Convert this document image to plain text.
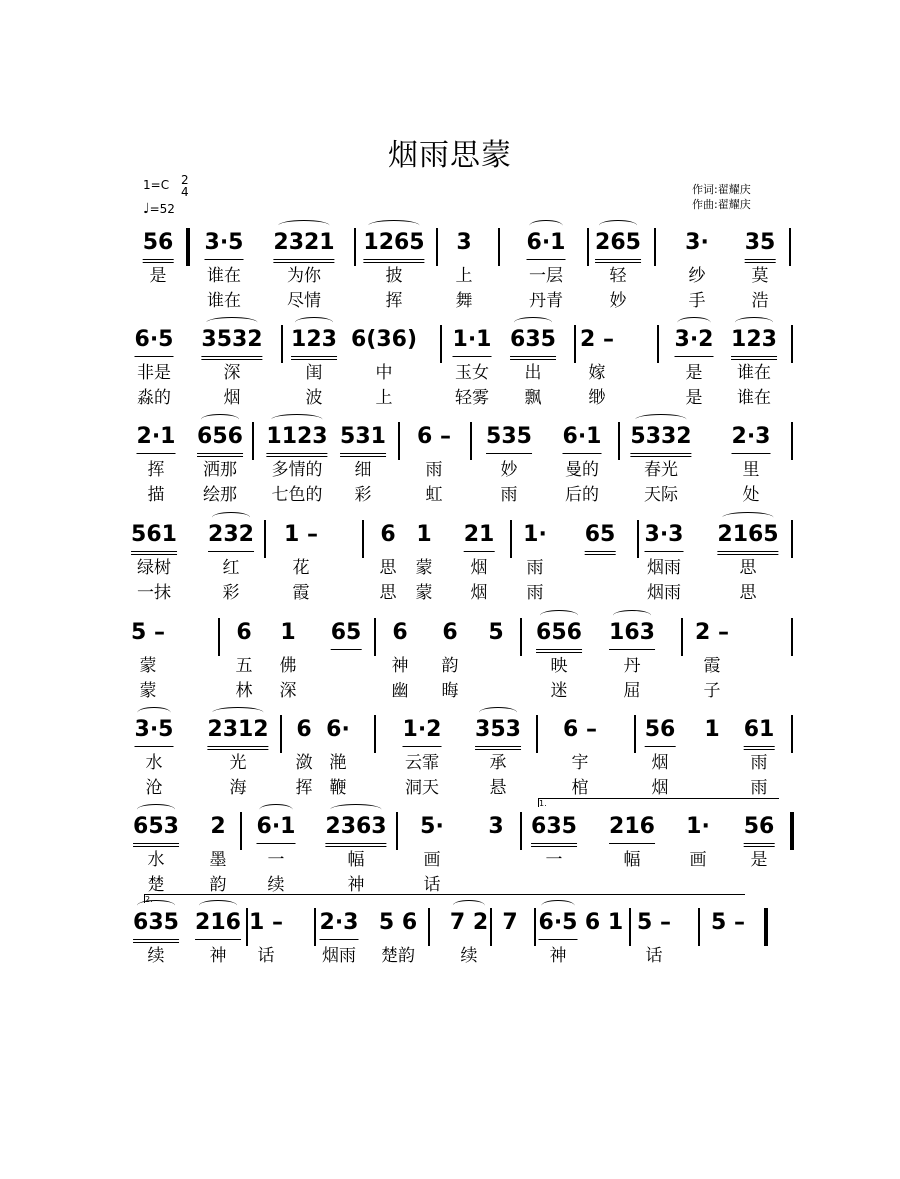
烟雨思蒙
1=C 2
4
♩=52
作词:翟耀庆
作曲:翟耀庆
56 3·5 2321 1265 3 6·1 265 3· 35
是 谁在	为你	披	上	一层	轻	纱	莫
谁在	尽情	挥	舞	丹青	妙	手	浩
6·5 3532 123 6(36) 1·1 635 2 –	3·2 123
非是	深	闺	中	玉女 出	嫁	是 谁在
淼的	烟	波	上	轻雾 飘	缈	是 谁在
2·1 656 1123 531 6 – 535 6·1 5332 2·3
挥 洒那 多情的 细	雨	妙	曼的	春光	里
描 绘那 七色的 彩	虹	雨	后的	天际	处
561 232 1 –	6 1 21 1· 65 3·3 2165
绿树	红	花	思 蒙 烟 雨	烟雨	思
一抹	彩	霞	思 蒙 烟 雨	烟雨	思
5 –	6 1 65 6 6 5 656 163 2 –
蒙	五 佛	神 韵	映	丹	霞
蒙	林 深	幽 晦	迷	屈	子
3·5 2312 6 6· 1·2 353 6 – 56 1 61
水	光	潋 滟	云霏	承	宇	烟	雨
沧	海	挥 鞭	洞天	悬	棺	烟	雨
653 2 6·1 2363 5· 3 635 216 1· 56
1.
水	墨 一	幅	画	一	幅	画	是
楚	韵 续	神	话
635 216 1 – 2·3 5 6 7 2 7 6·5 6 1 5 – 5 –
2.
续	神 话	烟雨 楚韵	续	神	话
